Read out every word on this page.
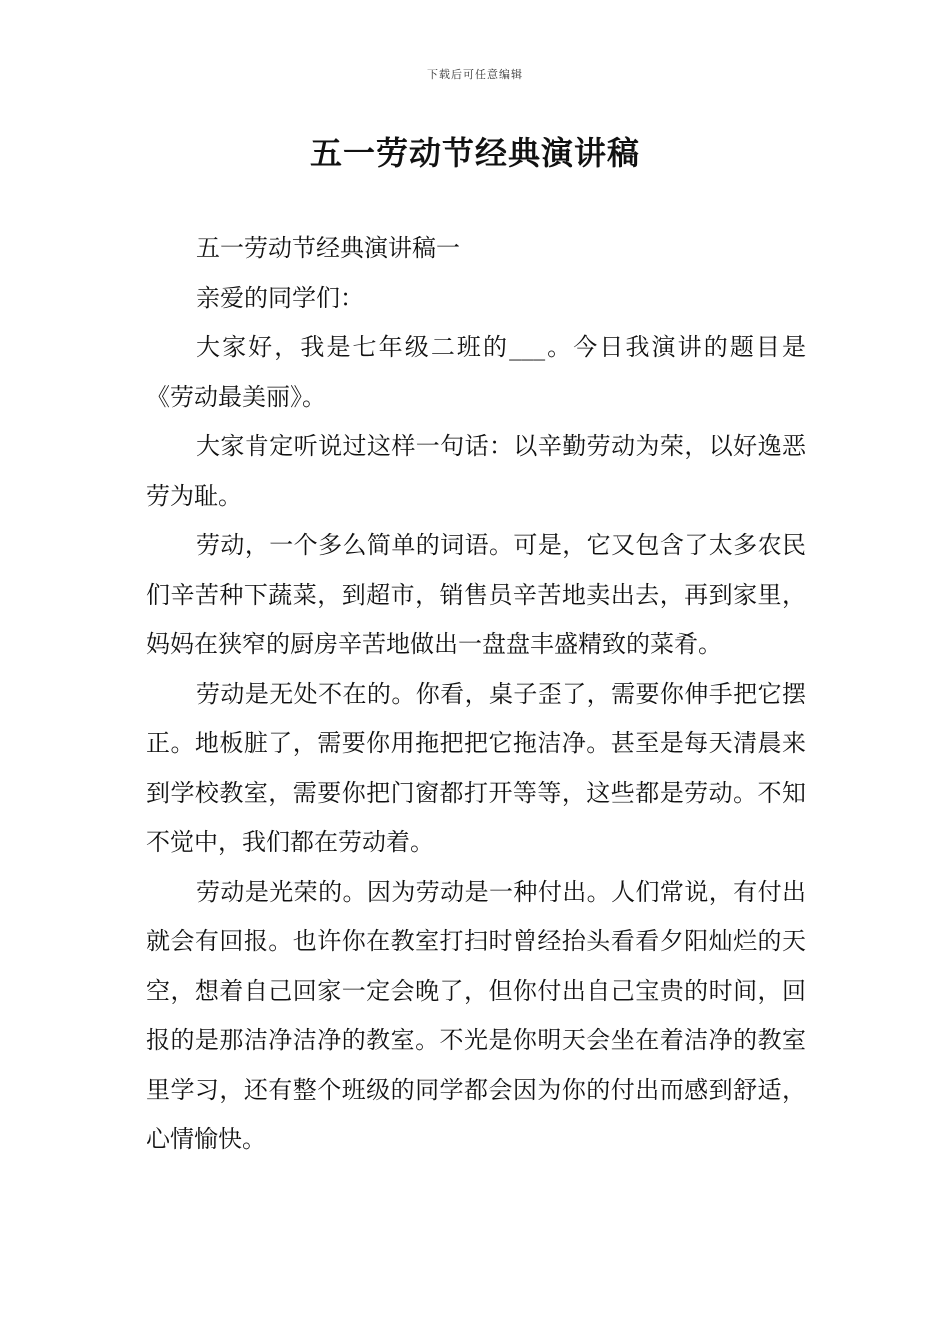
下载后可任意编辑
五一劳动节经典演讲稿

五一劳动节经典演讲稿一

亲爱的同学们：

大家好，我是七年级二班的___。今日我演讲的题目是《劳动最美丽》。

大家肯定听说过这样一句话：以辛勤劳动为荣，以好逸恶劳为耻。

劳动，一个多么简单的词语。可是，它又包含了太多农民们辛苦种下蔬菜，到超市，销售员辛苦地卖出去，再到家里，妈妈在狭窄的厨房辛苦地做出一盘盘丰盛精致的菜肴。

劳动是无处不在的。你看，桌子歪了，需要你伸手把它摆正。地板脏了，需要你用拖把把它拖洁净。甚至是每天清晨来到学校教室，需要你把门窗都打开等等，这些都是劳动。不知不觉中，我们都在劳动着。

劳动是光荣的。因为劳动是一种付出。人们常说，有付出就会有回报。也许你在教室打扫时曾经抬头看看夕阳灿烂的天空，想着自己回家一定会晚了，但你付出自己宝贵的时间，回报的是那洁净洁净的教室。不光是你明天会坐在着洁净的教室里学习，还有整个班级的同学都会因为你的付出而感到舒适，心情愉快。
